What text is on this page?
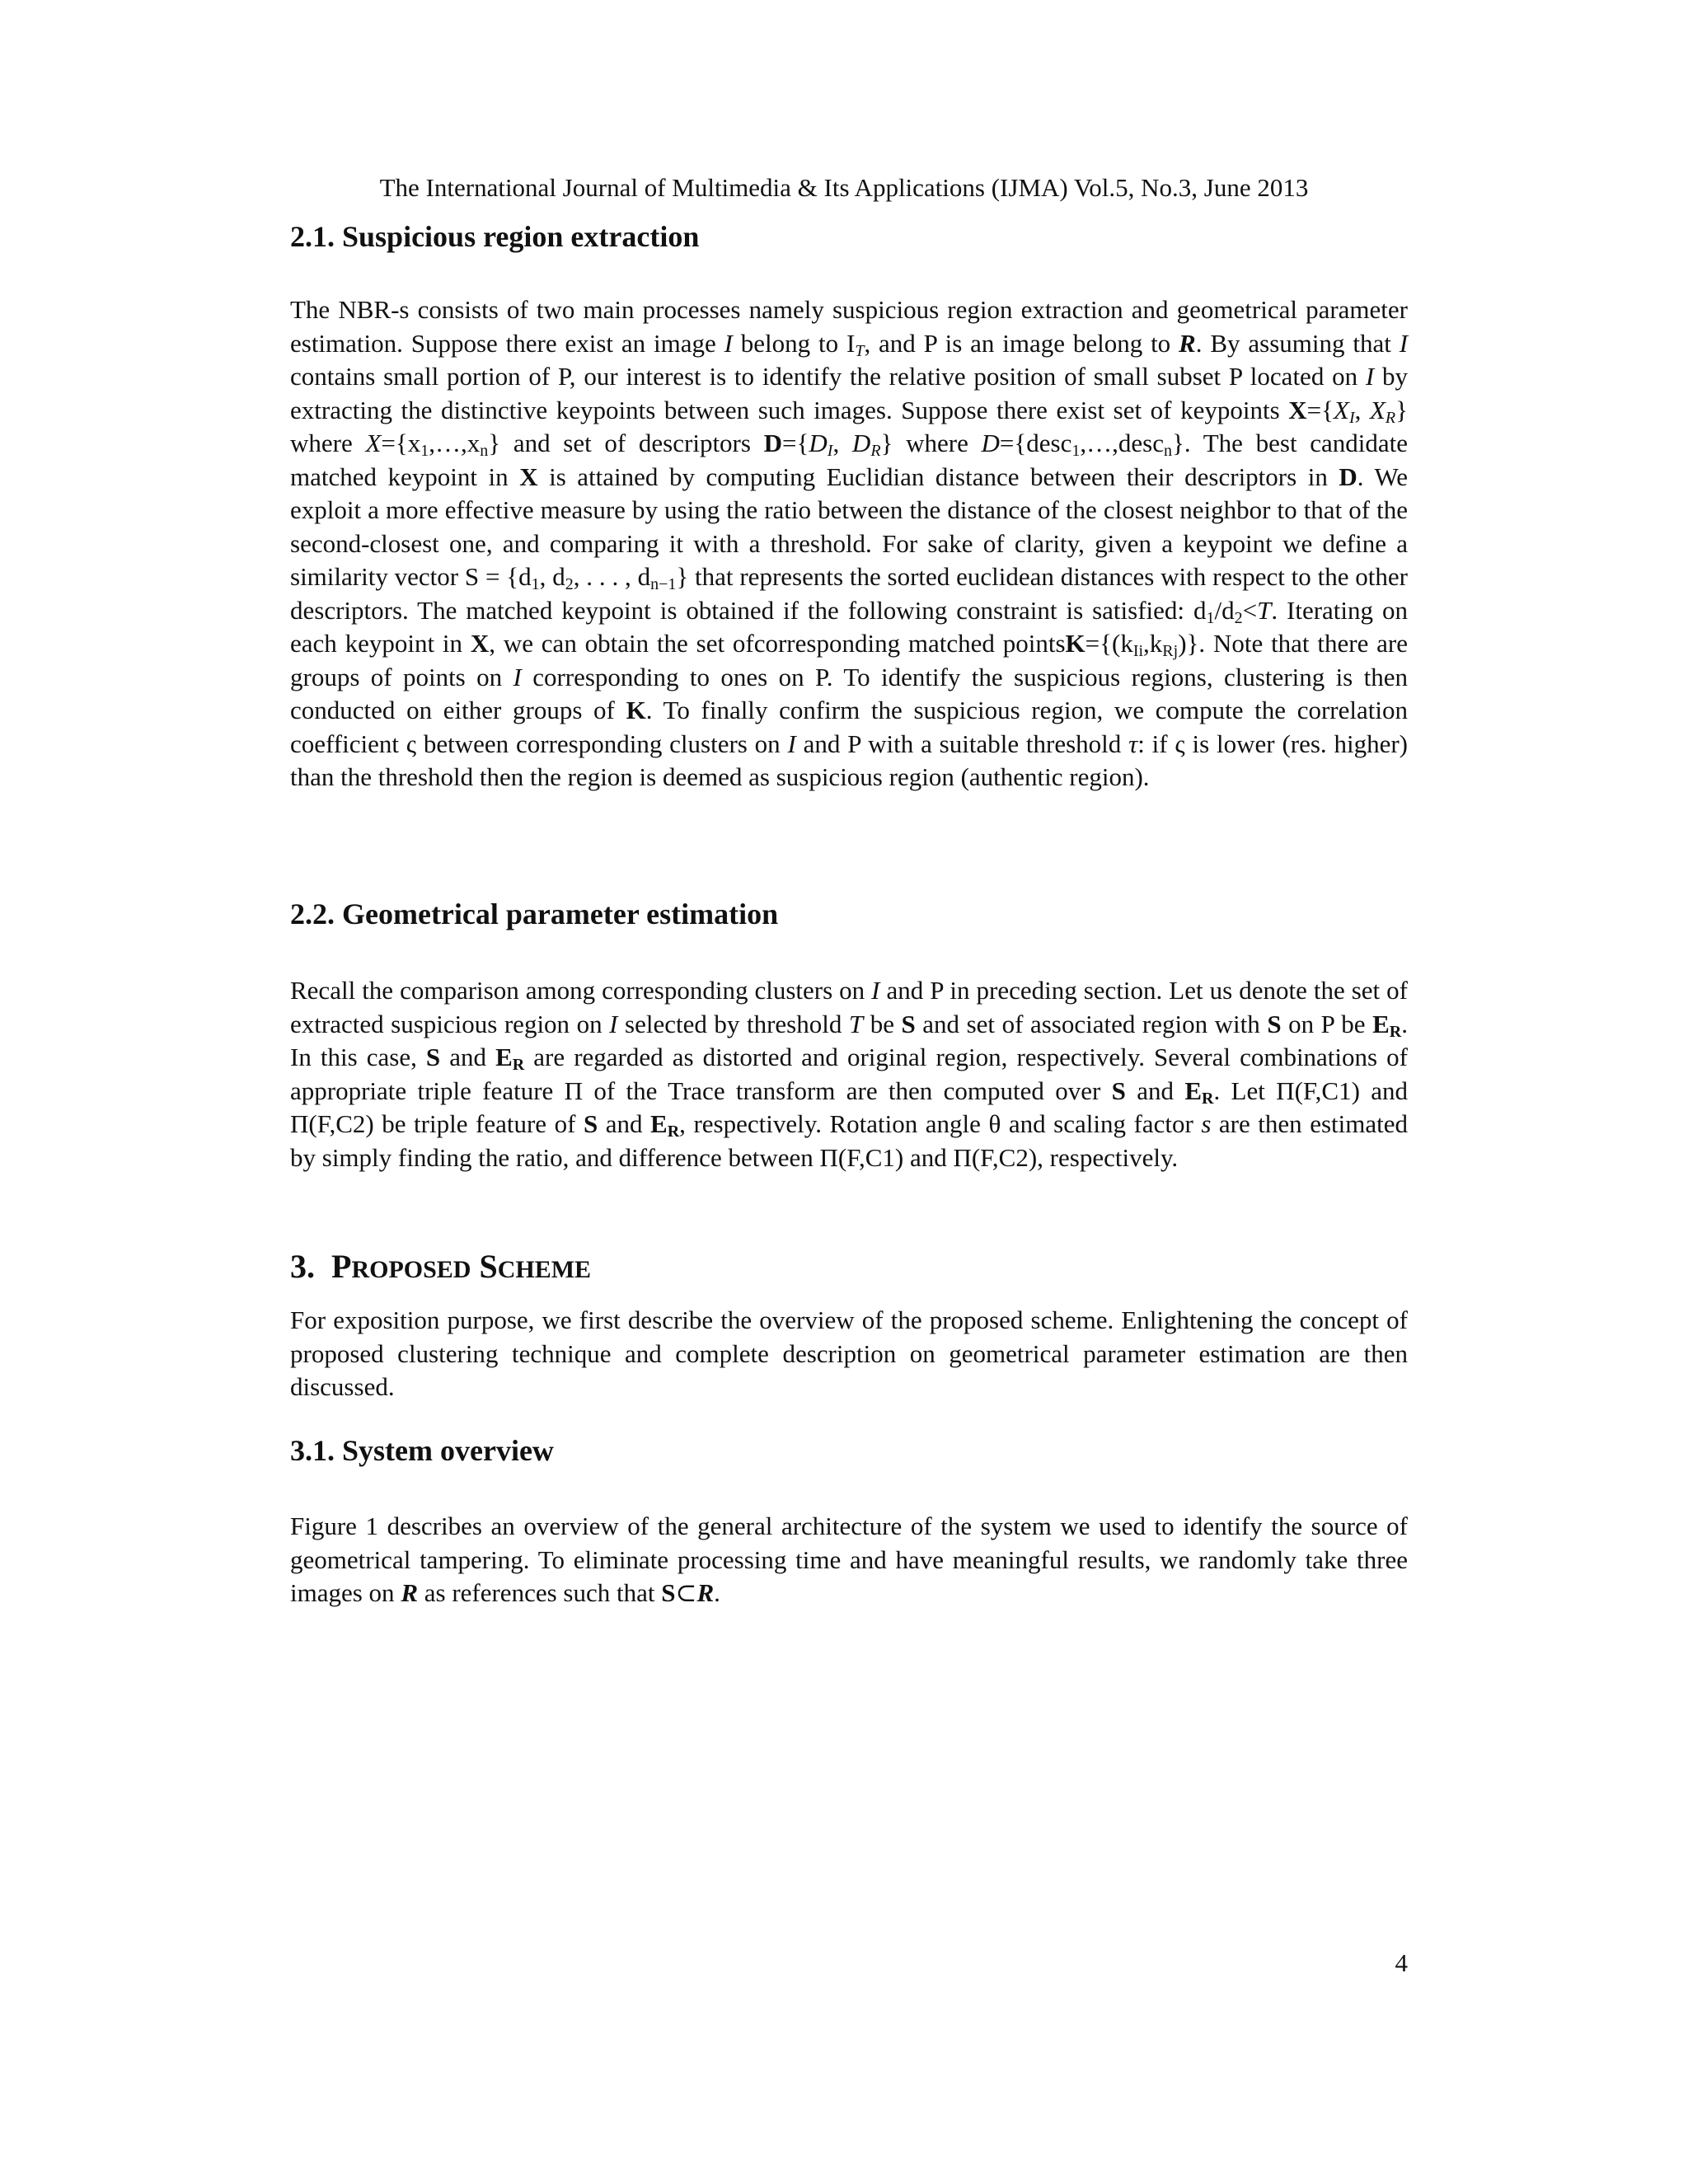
The International Journal of Multimedia & Its Applications (IJMA) Vol.5, No.3, June 2013

2.1. Suspicious region extraction

The NBR-s consists of two main processes namely suspicious region extraction and geometrical parameter estimation. Suppose there exist an image I belong to $I_T$, and P is an image belong to R. By assuming that I contains small portion of P, our interest is to identify the relative position of small subset P located on I by extracting the distinctive keypoints between such images. Suppose there exist set of keypoints $X=\{X_I$, $X_R$} where $X=\{x_1,\dots,x_n\}$ and set of descriptors $D=\{D_I$, $D_R$} where D={desc$_1$,…,desc$_n$}. The best candidate matched keypoint in X is attained by computing Euclidian distance between their descriptors in D. We exploit a more effective measure by using the ratio between the distance of the closest neighbor to that of the second-closest one, and comparing it with a threshold. For sake of clarity, given a keypoint we define a similarity vector $S = \{d_1$, $d_2$, . . . , $d_{n-1}$} that represents the sorted euclidean distances with respect to the other descriptors. The matched keypoint is obtained if the following constraint is satisfied: $d_1/d_2<T$. Iterating on each keypoint in X, we can obtain the set ofcorresponding matched $pointsK=\{(k_{Ii},k_{Rj})\}$. Note that there are groups of points on I corresponding to ones on P. To identify the suspicious regions, clustering is then conducted on either groups of K. To finally confirm the suspicious region, we compute the correlation coefficient ς between corresponding clusters on I and P with a suitable threshold τ: if ς is lower (res. higher) than the threshold then the region is deemed as suspicious region (authentic region).

2.2. Geometrical parameter estimation

Recall the comparison among corresponding clusters on I and P in preceding section. Let us denote the set of extracted suspicious region on I selected by threshold T be S and set of associated region with S on P be $E_R$. In this case, S and $E_R$ are regarded as distorted and original region, respectively. Several combinations of appropriate triple feature Π of the Trace transform are then computed over S and $E_R$. Let Π(F,C1) and Π(F,C2) be triple feature of S and $E_R$, respectively. Rotation angle θ and scaling factor s are then estimated by simply finding the ratio, and difference between Π(F,C1) and Π(F,C2), respectively.

3. PROPOSED SCHEME

For exposition purpose, we first describe the overview of the proposed scheme. Enlightening the concept of proposed clustering technique and complete description on geometrical parameter estimation are then discussed.

3.1. System overview

Figure 1 describes an overview of the general architecture of the system we used to identify the source of geometrical tampering. To eliminate processing time and have meaningful results, we randomly take three images on R as references such that S⊂R.

4
